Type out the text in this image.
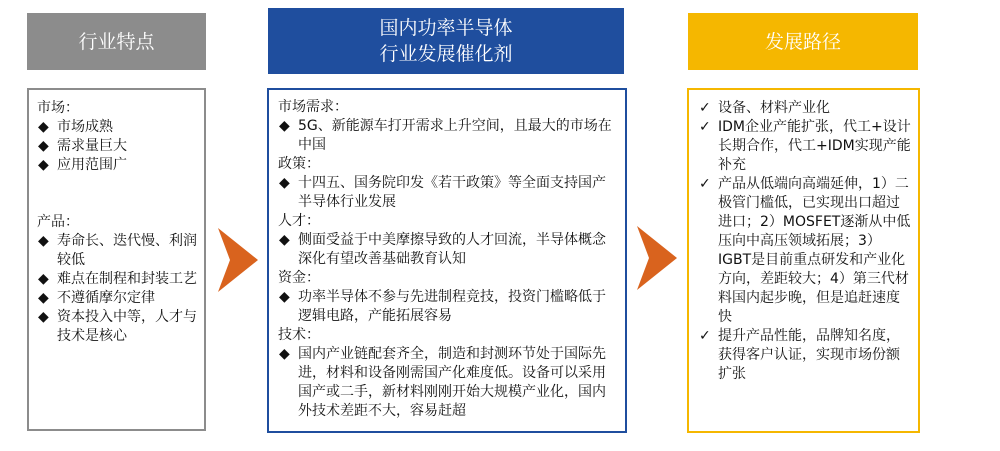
行业特点
国内功率半导体
行业发展催化剂
发展路径
市场：
◆ 市场成熟
◆ 需求量巨大
◆ 应用范围广
产品：
◆ 寿命长、迭代慢、利润较低
◆ 难点在制程和封装工艺
◆ 不遵循摩尔定律
◆ 资本投入中等，人才与技术是核心
市场需求：
◆ 5G、新能源车打开需求上升空间，且最大的市场在中国
政策：
◆ 十四五、国务院印发《若干政策》等全面支持国产半导体行业发展
人才：
◆ 侧面受益于中美摩擦导致的人才回流，半导体概念深化有望改善基础教育认知
资金：
◆ 功率半导体不参与先进制程竞技，投资门槛略低于逻辑电路，产能拓展容易
技术：
◆ 国内产业链配套齐全，制造和封测环节处于国际先进，材料和设备刚需国产化难度低。设备可以采用国产或二手，新材料刚刚开始大规模产业化，国内外技术差距不大，容易赶超
✓ 设备、材料产业化
✓ IDM企业产能扩张，代工+设计长期合作，代工+IDM实现产能补充
✓ 产品从低端向高端延伸，1）二极管门槛低，已实现出口超过进口；2）MOSFET逐渐从中低压向中高压领域拓展；3）IGBT是目前重点研发和产业化方向，差距较大；4）第三代材料国内起步晚，但是追赶速度快
✓ 提升产品性能，品牌知名度，获得客户认证，实现市场份额扩张
